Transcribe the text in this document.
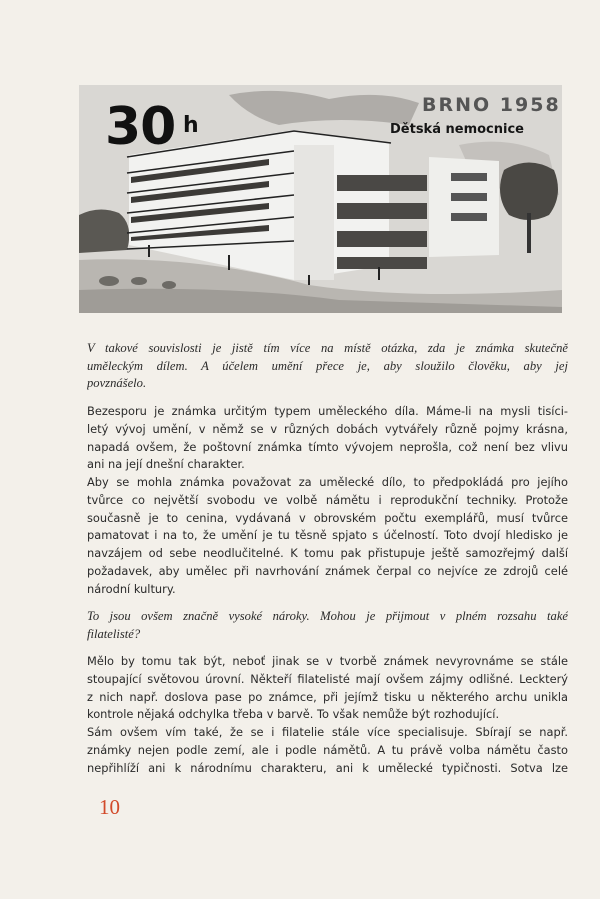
30 h
BRNO 1958
Dětská nemocnice
V takové souvislosti je jistě tím více na místě otázka, zda je známka skutečně
uměleckým dílem. A účelem umění přece je, aby sloužilo člověku, aby jej
povznášelo.
Bezesporu je známka určitým typem uměleckého díla. Máme-li na mysli tisíci-
letý vývoj umění, v němž se v různých dobách vytvářely různě pojmy krásna,
napadá ovšem, že poštovní známka tímto vývojem neprošla, což není bez vlivu
ani na její dnešní charakter.
Aby se mohla známka považovat za umělecké dílo, to předpokládá pro jejího
tvůrce co největší svobodu ve volbě námětu i reprodukční techniky. Protože
současně je to cenina, vydávaná v obrovském počtu exemplářů, musí tvůrce
pamatovat i na to, že umění je tu těsně spjato s účelností. Toto dvojí hledisko je
navzájem od sebe neodlučitelné. K tomu pak přistupuje ještě samozřejmý další
požadavek, aby umělec při navrhování známek čerpal co nejvíce ze zdrojů celé
národní kultury.
To jsou ovšem značně vysoké nároky. Mohou je přijmout v plném rozsahu také
filatelisté?
Mělo by tomu tak být, neboť jinak se v tvorbě známek nevyrovnáme se stále
stoupající světovou úrovní. Někteří filatelisté mají ovšem zájmy odlišné. Leckterý
z nich např. doslova pase po známce, při jejímž tisku u některého archu unikla
kontrole nějaká odchylka třeba v barvě. To však nemůže být rozhodující.
Sám ovšem vím také, že se i filatelie stále více specialisuje. Sbírají se např.
známky nejen podle zemí, ale i podle námětů. A tu právě volba námětu často
nepřihlíží ani k národnímu charakteru, ani k umělecké typičnosti. Sotva lze
10
